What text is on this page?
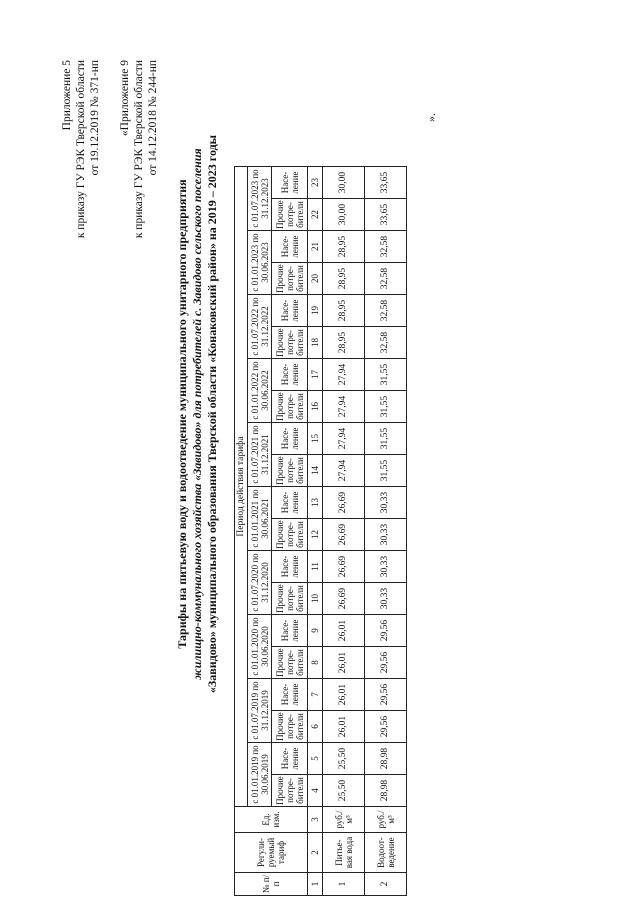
Приложение 5 к приказу ГУ РЭК Тверской области от 19.12.2019 № 371-нп «Приложение 9 к приказу ГУ РЭК Тверской области от 14.12.2018 № 244-нп
Тарифы на питьевую воду и водоотведение муниципального унитарного предприятия жилищно-коммунального хозяйства «Завидово» для потребителей с. Завидово сельского поселения «Завидово» муниципального образования Тверской области «Конаковский район» на 2019 – 2023 годы
№ п/п	Регули-руемый тариф	Ед. изм.	Период действия тарифа																			
			с 01.01.2019 по 30.06.2019		с 01.07.2019 по 31.12.2019		с 01.01.2020 по 30.06.2020		с 01.07.2020 по 31.12.2020		с 01.01.2021 по 30.06.2021		с 01.07.2021 по 31.12.2021		с 01.01.2022 по 30.06.2022		с 01.07.2022 по 31.12.2022		с 01.01.2023 по 30.06.2023		с 01.07.2023 по 31.12.2023	
			Прочие потре-бители	Насе-ление	Прочие потре-бители	Насе-ление	Прочие потре-бители	Насе-ление	Прочие потре-бители	Насе-ление	Прочие потре-бители	Насе-ление	Прочие потре-бители	Насе-ление	Прочие потре-бители	Насе-ление	Прочие потре-бители	Насе-ление	Прочие потре-бители	Насе-ление	Прочие потре-бители	Насе-ление
1	2	3	4	5	6	7	8	9	10	11	12	13	14	15	16	17	18	19	20	21	22	23
1	Питье-вая вода	руб./м³	25,50	25,50	26,01	26,01	26,01	26,01	26,69	26,69	26,69	26,69	27,94	27,94	27,94	27,94	28,95	28,95	28,95	28,95	30,00	30,00
2	Водоот-ведение	руб./м³	28,98	28,98	29,56	29,56	29,56	29,56	30,33	30,33	30,33	30,33	31,55	31,55	31,55	31,55	32,58	32,58	32,58	32,58	33,65	33,65
».
